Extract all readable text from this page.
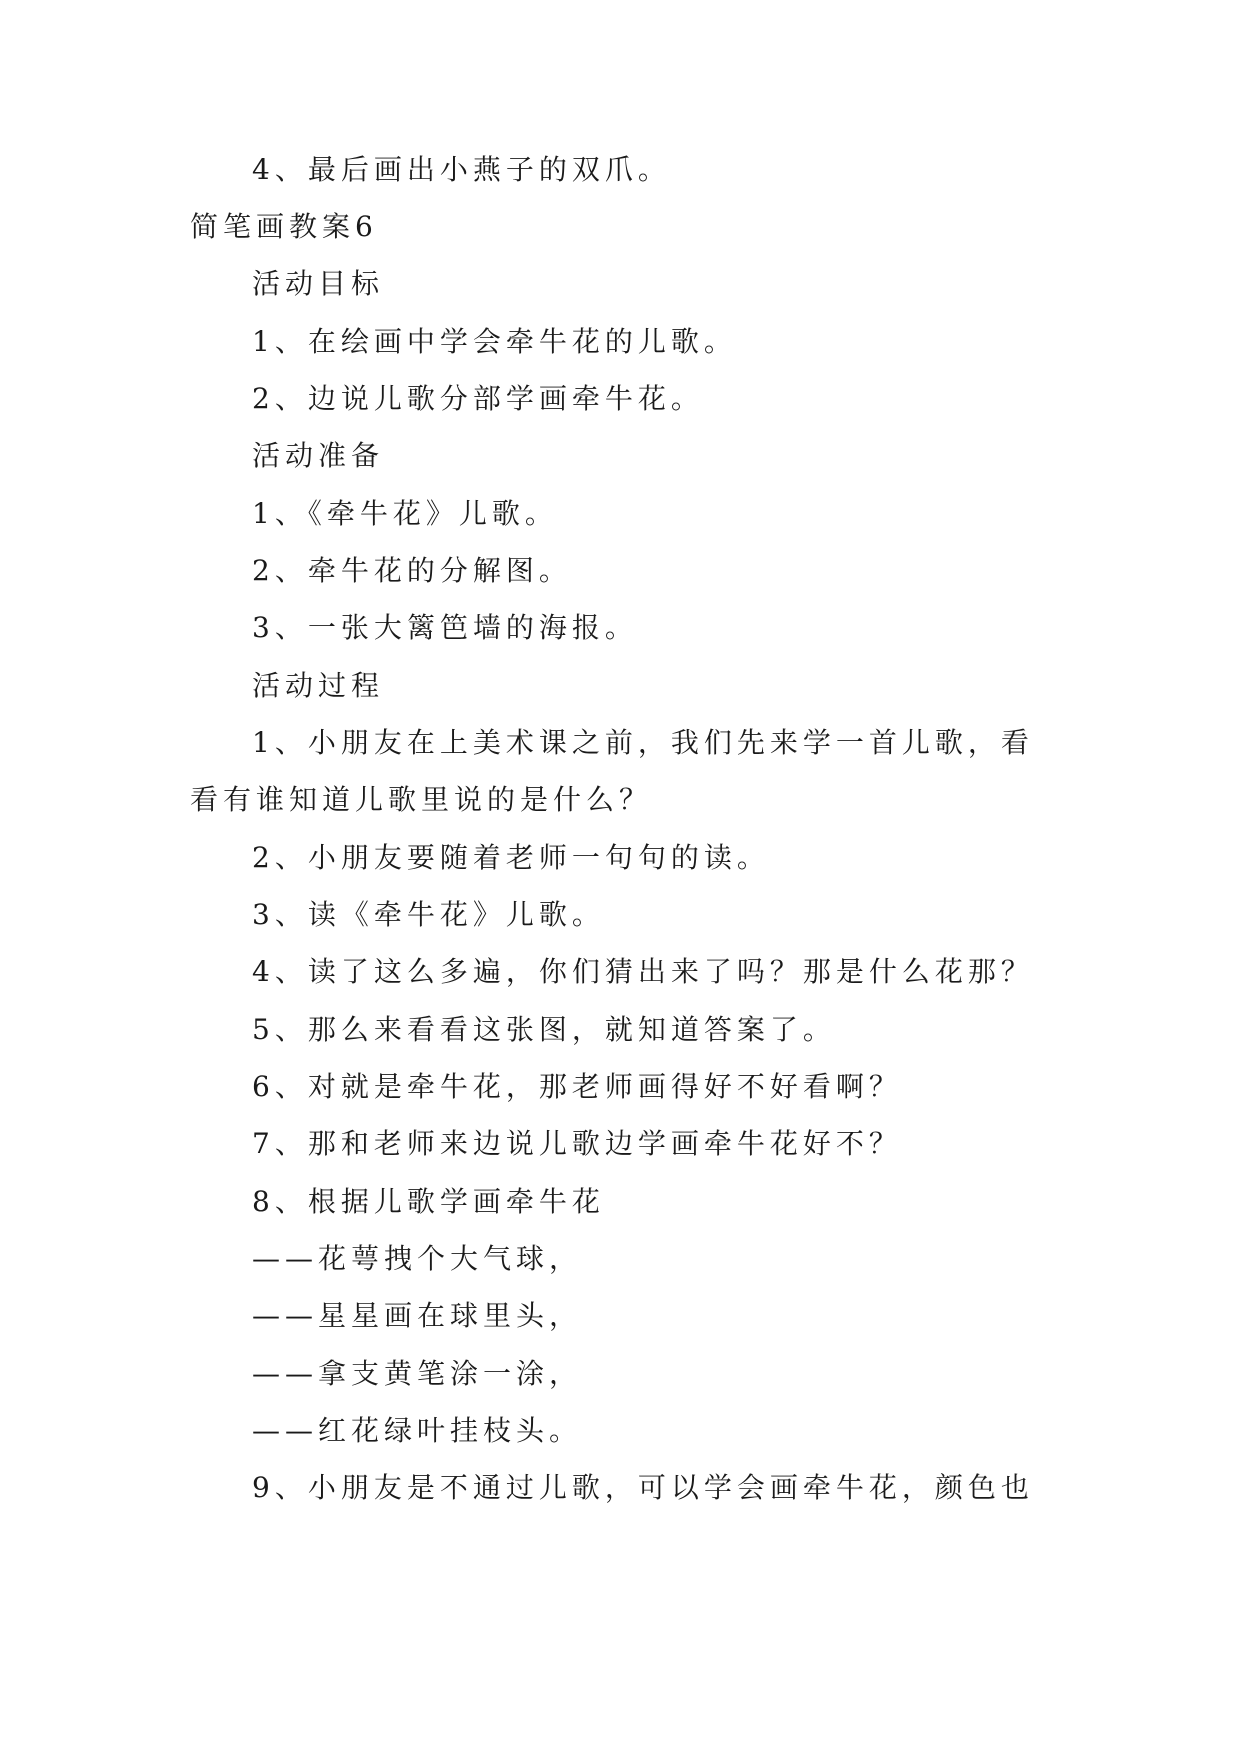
4、最后画出小燕子的双爪。
简笔画教案6
活动目标
1、在绘画中学会牵牛花的儿歌。
2、边说儿歌分部学画牵牛花。
活动准备
1、《牵牛花》儿歌。
2、牵牛花的分解图。
3、一张大篱笆墙的海报。
活动过程
1、小朋友在上美术课之前，我们先来学一首儿歌，看
看有谁知道儿歌里说的是什么？
2、小朋友要随着老师一句句的读。
3、读《牵牛花》儿歌。
4、读了这么多遍，你们猜出来了吗？那是什么花那？
5、那么来看看这张图，就知道答案了。
6、对就是牵牛花，那老师画得好不好看啊？
7、那和老师来边说儿歌边学画牵牛花好不？
8、根据儿歌学画牵牛花
——花萼拽个大气球，
——星星画在球里头，
——拿支黄笔涂一涂，
——红花绿叶挂枝头。
9、小朋友是不通过儿歌，可以学会画牵牛花，颜色也
